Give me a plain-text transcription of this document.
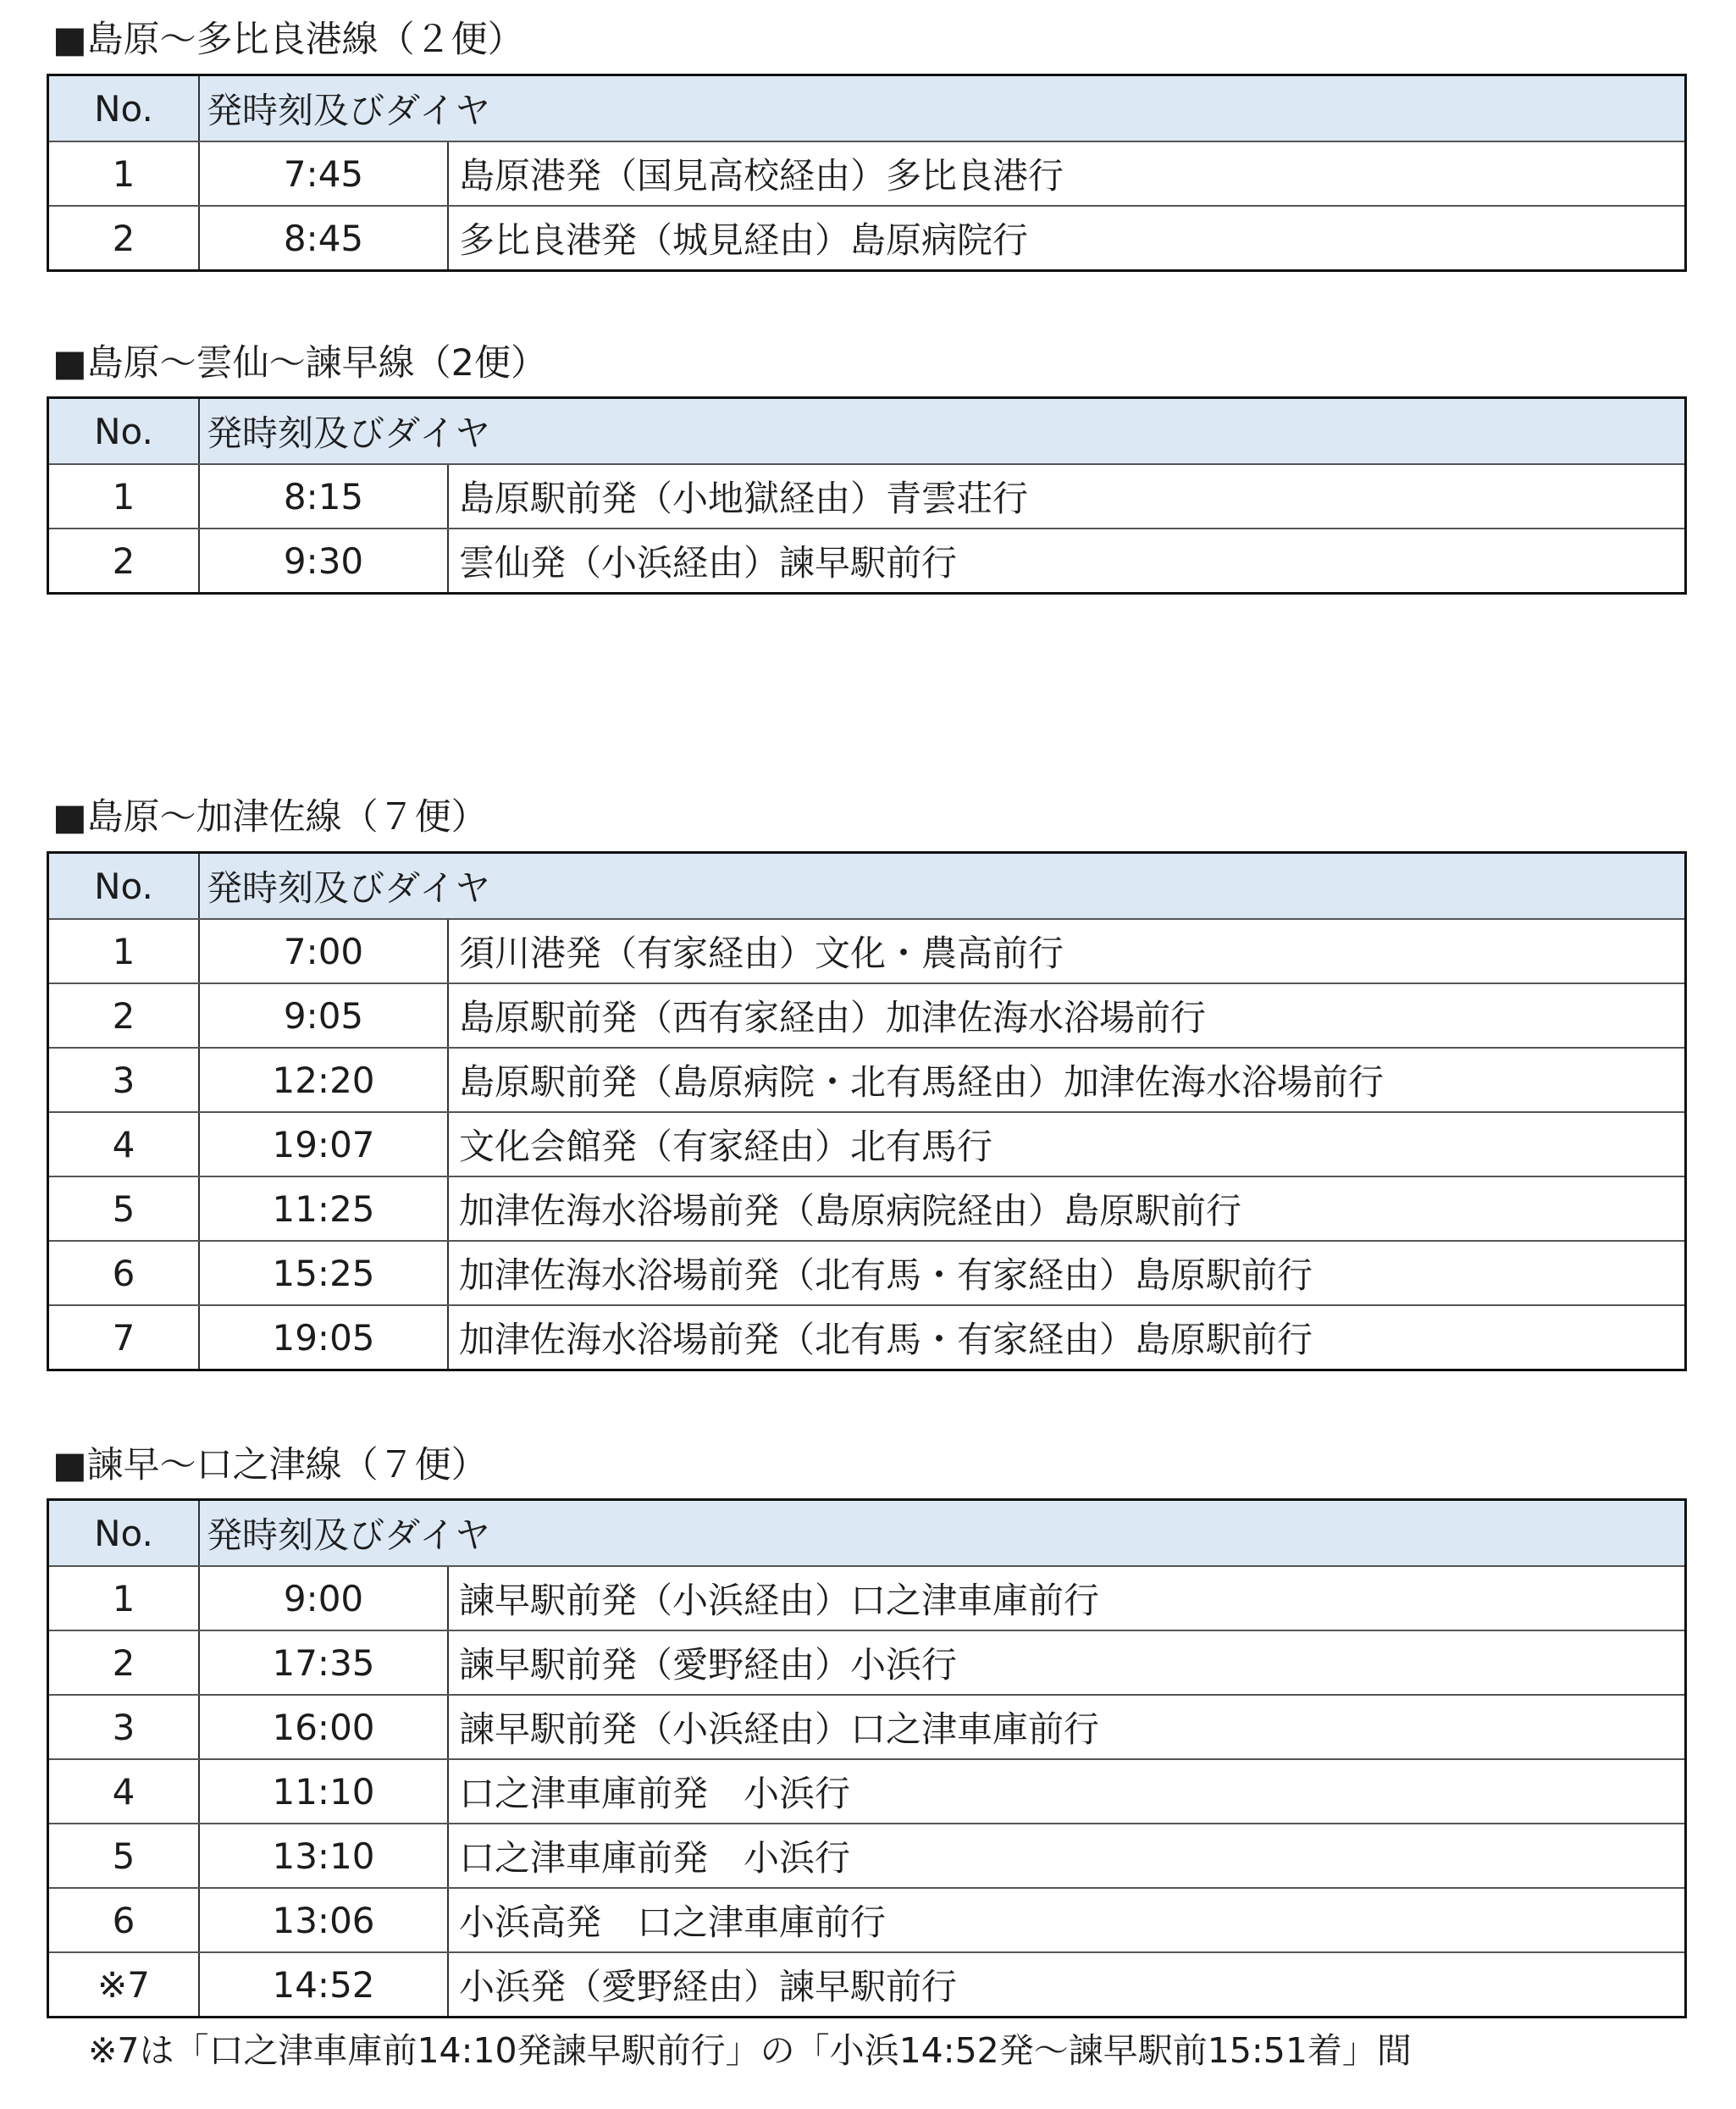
■島原～多比良港線（２便）
No.	発時刻及びダイヤ
1	7:45	島原港発（国見高校経由）多比良港行
2	8:45	多比良港発（城見経由）島原病院行
■島原～雲仙～諫早線（2便）
No.	発時刻及びダイヤ
1	8:15	島原駅前発（小地獄経由）青雲荘行
2	9:30	雲仙発（小浜経由）諫早駅前行
■島原～加津佐線（７便）
No.	発時刻及びダイヤ
1	7:00	須川港発（有家経由）文化・農高前行
2	9:05	島原駅前発（西有家経由）加津佐海水浴場前行
3	12:20	島原駅前発（島原病院・北有馬経由）加津佐海水浴場前行
4	19:07	文化会館発（有家経由）北有馬行
5	11:25	加津佐海水浴場前発（島原病院経由）島原駅前行
6	15:25	加津佐海水浴場前発（北有馬・有家経由）島原駅前行
7	19:05	加津佐海水浴場前発（北有馬・有家経由）島原駅前行
■諫早～口之津線（７便）
No.	発時刻及びダイヤ
1	9:00	諫早駅前発（小浜経由）口之津車庫前行
2	17:35	諫早駅前発（愛野経由）小浜行
3	16:00	諫早駅前発（小浜経由）口之津車庫前行
4	11:10	口之津車庫前発　小浜行
5	13:10	口之津車庫前発　小浜行
6	13:06	小浜高発　口之津車庫前行
※7	14:52	小浜発（愛野経由）諫早駅前行
※7は「口之津車庫前14:10発諫早駅前行」の「小浜14:52発～諫早駅前15:51着」間
